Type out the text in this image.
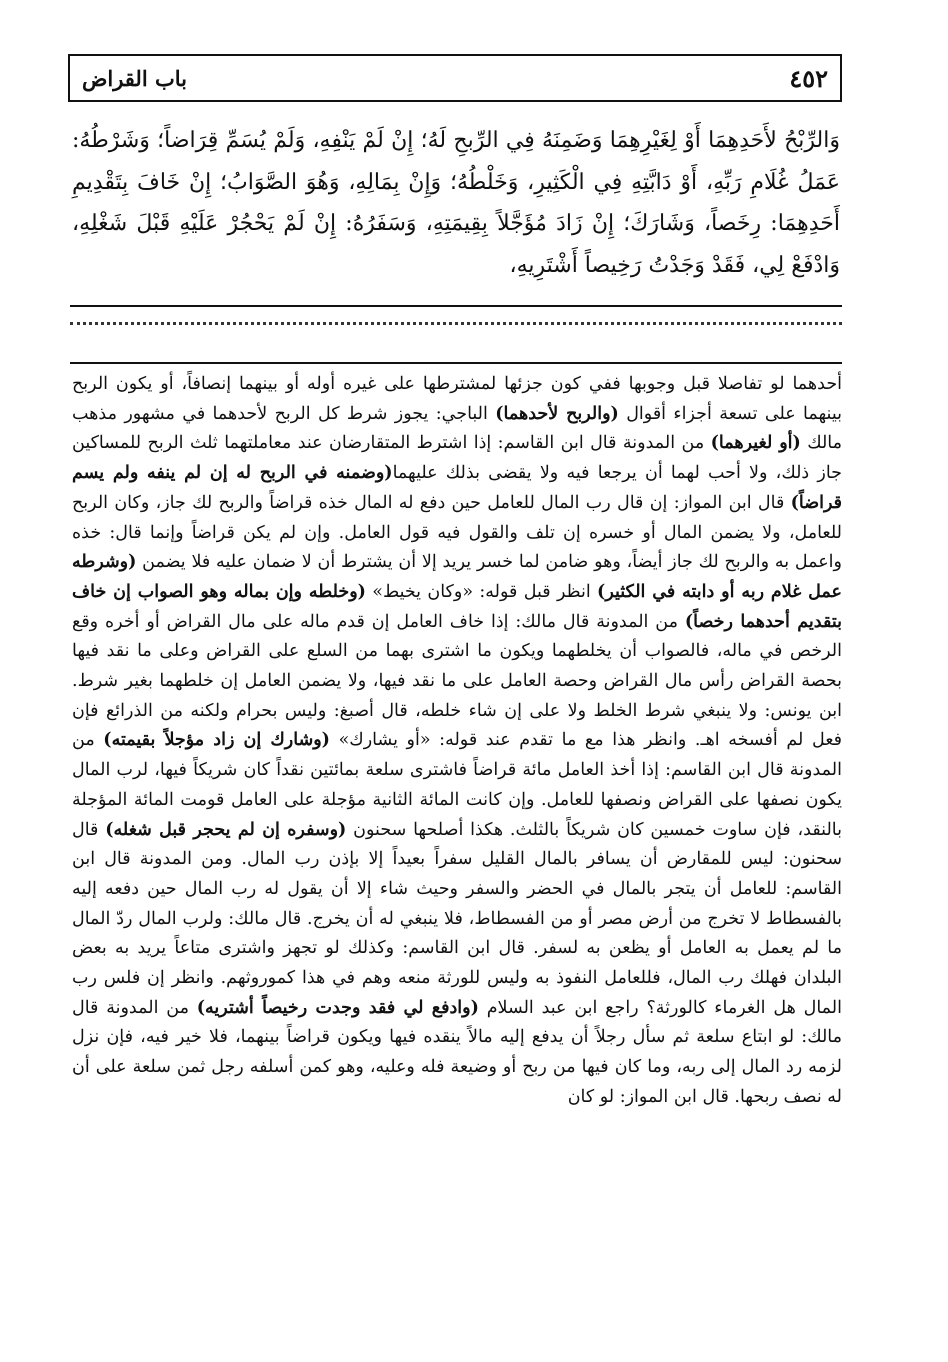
٤٥٢
باب القراض

وَالرِّبْحُ لأَحَدِهِمَا أَوْ لِغَيْرِهِمَا وَضَمِنَهُ فِي الرِّبحِ لَهُ؛ إِنْ لَمْ يَنْفِهِ، وَلَمْ يُسَمِّ قِرَاضاً؛ وَشَرْطُهُ: عَمَلُ غُلَامِ رَبِّهِ، أَوْ دَابَّتِهِ فِي الْكَثِيرِ، وَخَلْطُهُ؛ وَإِنْ بِمَالِهِ، وَهُوَ الصَّوَابُ؛ إِنْ خَافَ بِتَقْدِيمِ أَحَدِهِمَا: رِخَصاً، وَشَارَكَ؛ إِنْ زَادَ مُؤَجَّلاً بِقِيمَتِهِ، وَسَفَرُهُ: إِنْ لَمْ يَحْجُرْ عَلَيْهِ قَبْلَ شَغْلِهِ، وَادْفَعْ لِي، فَقَدْ وَجَدْتُ رَخِيصاً أَشْتَرِيهِ،

أحدهما لو تفاصلا قبل وجوبها ففي كون جزئها لمشترطها على غيره أوله أو بينهما إنصافاً، أو يكون الربح بينهما على تسعة أجزاء أقوال (والربح لأحدهما) الباجي: يجوز شرط كل الربح لأحدهما في مشهور مذهب مالك (أو لغيرهما) من المدونة قال ابن القاسم: إذا اشترط المتقارضان عند معاملتهما ثلث الربح للمساكين جاز ذلك، ولا أحب لهما أن يرجعا فيه ولا يقضى بذلك عليهما(وضمنه في الربح له إن لم ينفه ولم يسم قراضاً) قال ابن المواز: إن قال رب المال للعامل حين دفع له المال خذه قراضاً والربح لك جاز، وكان الربح للعامل، ولا يضمن المال أو خسره إن تلف والقول فيه قول العامل. وإن لم يكن قراضاً وإنما قال: خذه واعمل به والربح لك جاز أيضاً، وهو ضامن لما خسر يريد إلا أن يشترط أن لا ضمان عليه فلا يضمن (وشرطه عمل غلام ربه أو دابته في الكثير) انظر قبل قوله: «وكان يخيط» (وخلطه وإن بماله وهو الصواب إن خاف بتقديم أحدهما رخصاً) من المدونة قال مالك: إذا خاف العامل إن قدم ماله على مال القراض أو أخره وقع الرخص في ماله، فالصواب أن يخلطهما ويكون ما اشترى بهما من السلع على القراض وعلى ما نقد فيها بحصة القراض رأس مال القراض وحصة العامل على ما نقد فيها، ولا يضمن العامل إن خلطهما بغير شرط. ابن يونس: ولا ينبغي شرط الخلط ولا على إن شاء خلطه، قال أصبغ: وليس بحرام ولكنه من الذرائع فإن فعل لم أفسخه اهـ. وانظر هذا مع ما تقدم عند قوله: «أو يشارك» (وشارك إن زاد مؤجلاً بقيمته) من المدونة قال ابن القاسم: إذا أخذ العامل مائة قراضاً فاشترى سلعة بمائتين نقداً كان شريكاً فيها، لرب المال يكون نصفها على القراض ونصفها للعامل. وإن كانت المائة الثانية مؤجلة على العامل قومت المائة المؤجلة بالنقد، فإن ساوت خمسين كان شريكاً بالثلث. هكذا أصلحها سحنون (وسفره إن لم يحجر قبل شغله) قال سحنون: ليس للمقارض أن يسافر بالمال القليل سفراً بعيداً إلا بإذن رب المال. ومن المدونة قال ابن القاسم: للعامل أن يتجر بالمال في الحضر والسفر وحيث شاء إلا أن يقول له رب المال حين دفعه إليه بالفسطاط لا تخرج من أرض مصر أو من الفسطاط، فلا ينبغي له أن يخرج. قال مالك: ولرب المال ردّ المال ما لم يعمل به العامل أو يظعن به لسفر. قال ابن القاسم: وكذلك لو تجهز واشترى متاعاً يريد به بعض البلدان فهلك رب المال، فللعامل النفوذ به وليس للورثة منعه وهم في هذا كموروثهم. وانظر إن فلس رب المال هل الغرماء كالورثة؟ راجع ابن عبد السلام (وادفع لي فقد وجدت رخيصاً أشتريه) من المدونة قال مالك: لو ابتاع سلعة ثم سأل رجلاً أن يدفع إليه مالاً ينقده فيها ويكون قراضاً بينهما، فلا خير فيه، فإن نزل لزمه رد المال إلى ربه، وما كان فيها من ربح أو وضيعة فله وعليه، وهو كمن أسلفه رجل ثمن سلعة على أن له نصف ربحها. قال ابن المواز: لو كان
